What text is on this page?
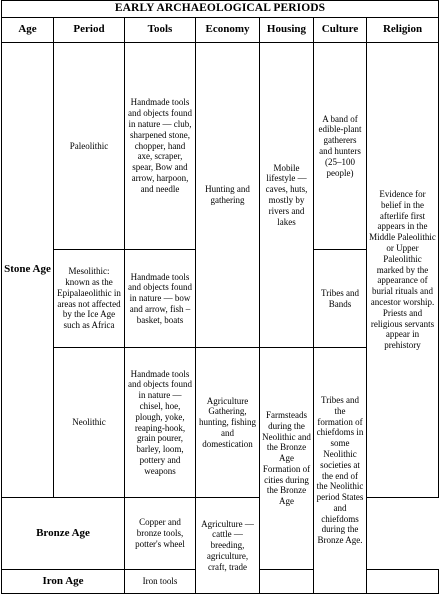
EARLY ARCHAEOLOGICAL PERIODS						
Age	Period	Tools	Economy	Housing	Culture	Religion
Stone Age	Paleolithic	Handmade tools and objects found in nature — club, sharpened stone, chopper, hand axe, scraper, spear, Bow and arrow, harpoon, and needle	Hunting and gathering	Mobile lifestyle — caves, huts, mostly by rivers and lakes	A band of edible-plant gatherers and hunters (25–100 people)	Evidence for belief in the afterlife first appears in the Middle Paleolithic or Upper Paleolithic marked by the appearance of burial rituals and ancestor worship. Priests and religious servants appear in prehistory
	Mesolithic: known as the Epipalaeolithic in areas not affected by the Ice Age such as Africa	Handmade tools and objects found in nature — bow and arrow, fish – basket, boats			Tribes and Bands	
	Neolithic	Handmade tools and objects found in nature — chisel, hoe, plough, yoke, reaping-hook, grain pourer, barley, loom, pottery and weapons	Agriculture Gathering, hunting, fishing and domestication	Farmsteads during the Neolithic and the Bronze Age Formation of cities during the Bronze Age	Tribes and the formation of chiefdoms in some Neolithic societies at the end of the Neolithic period States and chiefdoms during the Bronze Age.	
Bronze Age		Copper and bronze tools, potter's wheel	Agriculture — cattle — breeding, agriculture, craft, trade			
Iron Age		Iron tools				
